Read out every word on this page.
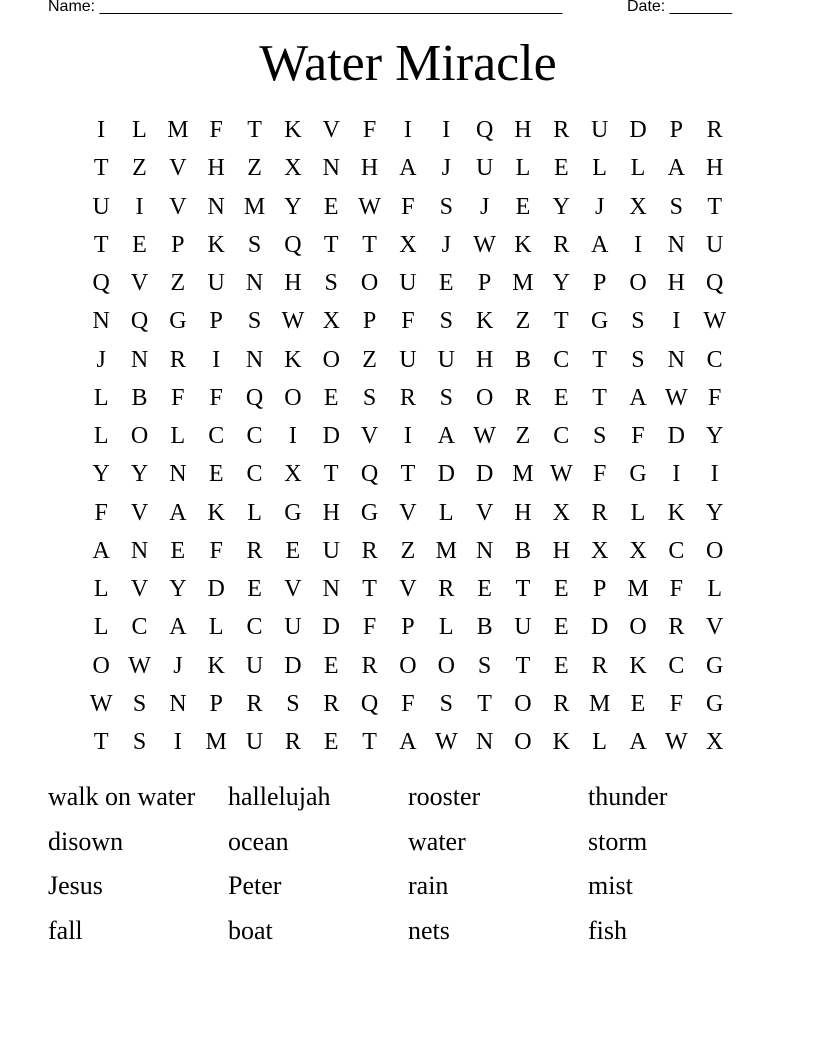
Name: ____________________________________________________	Date: _______
Water Miracle
I	L M F	T K V F	I	I	Q H R U D P R
T Z V H Z X N H A	J	U L E L L A H
U	I	V N M Y E W F	S	J	E Y	J	X S	T
T E	P K S Q T T X	J W K R A	I	N U
Q V Z U N H S O U E	P M Y P O H Q
N Q G P	S W X P	F	S K Z T G S	I W
J	N R	I	N K O Z U U H B C T	S N C
L B F	F Q O E	S R S O R E T A W F
L O L C C	I	D V	I	A W Z C S	F D Y
Y Y N E C X T Q T D D M W F G	I	I
F V A K L G H G V L V H X R L K Y
A N E	F R E U R Z M N B H X X C O
L V Y D E V N T V R E T E	P M F	L
L C A L C U D F	P	L B U E D O R V
O W J	K U D E R O O S	T E R K C G
W S N P R S R Q F	S	T O R M E	F G
T	S	I M U R E T A W N O K L A W X
walk on water	hallelujah	rooster	thunder
disown	ocean	water	storm
Jesus	Peter	rain	mist
fall	boat	nets	fish
